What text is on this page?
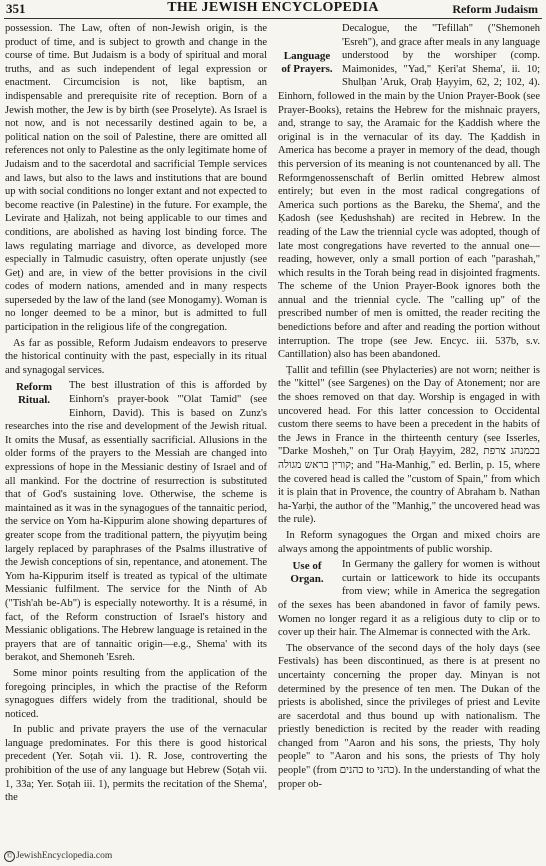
351	THE JEWISH ENCYCLOPEDIA	Reform Judaism

possession. The Law, often of non-Jewish origin, is the product of time, and is subject to growth and change in the course of time. But Judaism is a body of spiritual and moral truths, and as such independent of legal expression or enactment. Circumcision is not, like baptism, an indispensable and prerequisite rite of reception. Born of a Jewish mother, the Jew is by birth (see Proselyte). As Israel is not now, and is not necessarily destined again to be, a political nation on the soil of Palestine, there are omitted all references not only to Palestine as the only legitimate home of Judaism and to the sacerdotal and sacrificial Temple services and laws, but also to the laws and institutions that are bound up with social conditions no longer extant and not expected to become reactive (in Palestine) in the future. For example, the Levirate and Ḥalizah, not being applicable to our times and conditions, are abolished as having lost binding force. The laws regulating marriage and divorce, as developed more especially in Talmudic casuistry, often operate unjustly (see Geṭ) and are, in view of the better provisions in the civil codes of modern nations, amended and in many respects superseded by the law of the land (see Monogamy). Woman is no longer deemed to be a minor, but is admitted to full participation in the religious life of the congregation.

As far as possible, Reform Judaism endeavors to preserve the historical continuity with the past, especially in its ritual and synagogal services.

Reform Ritual.

The best illustration of this is afforded by Einhorn's prayer-book "'Olat Tamid" (see Einhorn, David). This is based on Zunz's researches into the rise and development of the Jewish ritual. It omits the Musaf, as essentially sacrificial. Allusions in the older forms of the prayers to the Messiah are changed into expressions of hope in the Messianic destiny of Israel and of all mankind. For the doctrine of resurrection is substituted that of God's sustaining love. Otherwise, the scheme is maintained as it was in the synagogues of the tannaitic period, the service on Yom ha-Kippurim alone showing departures of greater scope from the traditional pattern, the piyyuṭim being largely replaced by paraphrases of the Psalms illustrative of the Jewish conceptions of sin, repentance, and atonement. The Yom ha-Kippurim itself is treated as typical of the ultimate Messianic fulfilment. The service for the Ninth of Ab ("Tish'ah be-Ab") is especially noteworthy. It is a résumé, in fact, of the Reform construction of Israel's history and Messianic obligations. The Hebrew language is retained in the prayers that are of tannaitic origin—e.g., Shema' with its berakot, and Shemoneh 'Esreh.

Some minor points resulting from the application of the foregoing principles, in which the practise of the Reform synagogues differs widely from the traditional, should be noticed.

In public and private prayers the use of the vernacular language predominates. For this there is good historical precedent (Yer. Soṭah vii. 1). R. Jose, controverting the prohibition of the use of any language but Hebrew (Soṭah vii. 1, 33a; Yer. Soṭah iii. 1), permits the recitation of the Shema', the

Language of Prayers.

Decalogue, the "Tefillah" ("Shemoneh 'Esreh"), and grace after meals in any language understood by the worshiper (comp. Maimonides, "Yad," Ḳeri'at Shema', ii. 10; Shulḥan 'Aruk, Oraḥ Ḥayyim, 62, 2; 102, 4). Einhorn, followed in the main by the Union Prayer-Book (see Prayer-Books), retains the Hebrew for the mishnaic prayers, and, strange to say, the Aramaic for the Ḳaddish where the original is in the vernacular of its day. The Ḳaddish in America has become a prayer in memory of the dead, though this perversion of its meaning is not countenanced by all. The Reformgenossenschaft of Berlin omitted Hebrew almost entirely; but even in the most radical congregations of America such portions as the Bareku, the Shema', and the Ḳadosh (see Ḳedushshah) are recited in Hebrew. In the reading of the Law the triennial cycle was adopted, though of late most congregations have reverted to the annual one—reading, however, only a small portion of each "parashah," which results in the Torah being read in disjointed fragments. The scheme of the Union Prayer-Book ignores both the annual and the triennial cycle. The "calling up" of the prescribed number of men is omitted, the reader reciting the benedictions before and after and reading the portion without interruption. The trope (see Jew. Encyc. iii. 537b, s.v. Cantillation) also has been abandoned.

Ṭallit and tefillin (see Phylacteries) are not worn; neither is the "kittel" (see Sargenes) on the Day of Atonement; nor are the shoes removed on that day. Worship is engaged in with uncovered head. For this latter concession to Occidental custom there seems to have been a precedent in the habits of the Jews in France in the thirteenth century (see Isserles, "Darke Mosheh," on Ṭur Oraḥ Ḥayyim, 282, בכמנהג צרפת קורין בראש מגולה; and "Ha-Manhig," ed. Berlin, p. 15, where the covered head is called the "custom of Spain," from which it is plain that in Provence, the country of Abraham b. Nathan ha-Yarḥi, the author of the "Manhig," the uncovered head was the rule).

In Reform synagogues the Organ and mixed choirs are always among the appointments of public worship.

Use of Organ.

In Germany the gallery for women is without curtain or latticework to hide its occupants from view; while in America the segregation of the sexes has been abandoned in favor of family pews. Women no longer regard it as a religious duty to clip or to cover up their hair. The Almemar is connected with the Ark.

The observance of the second days of the holy days (see Festivals) has been discontinued, as there is at present no uncertainty concerning the proper day. Minyan is not determined by the presence of ten men. The Dukan of the priests is abolished, since the privileges of priest and Levite are sacerdotal and thus bound up with nationalism. The priestly benediction is recited by the reader with reading changed from "Aaron and his sons, the priests, Thy holy people" to "Aaron and his sons, the priests of Thy holy people" (from כהנים to כהני). In the understanding of what the proper ob-

© JewishEncyclopedia.com
